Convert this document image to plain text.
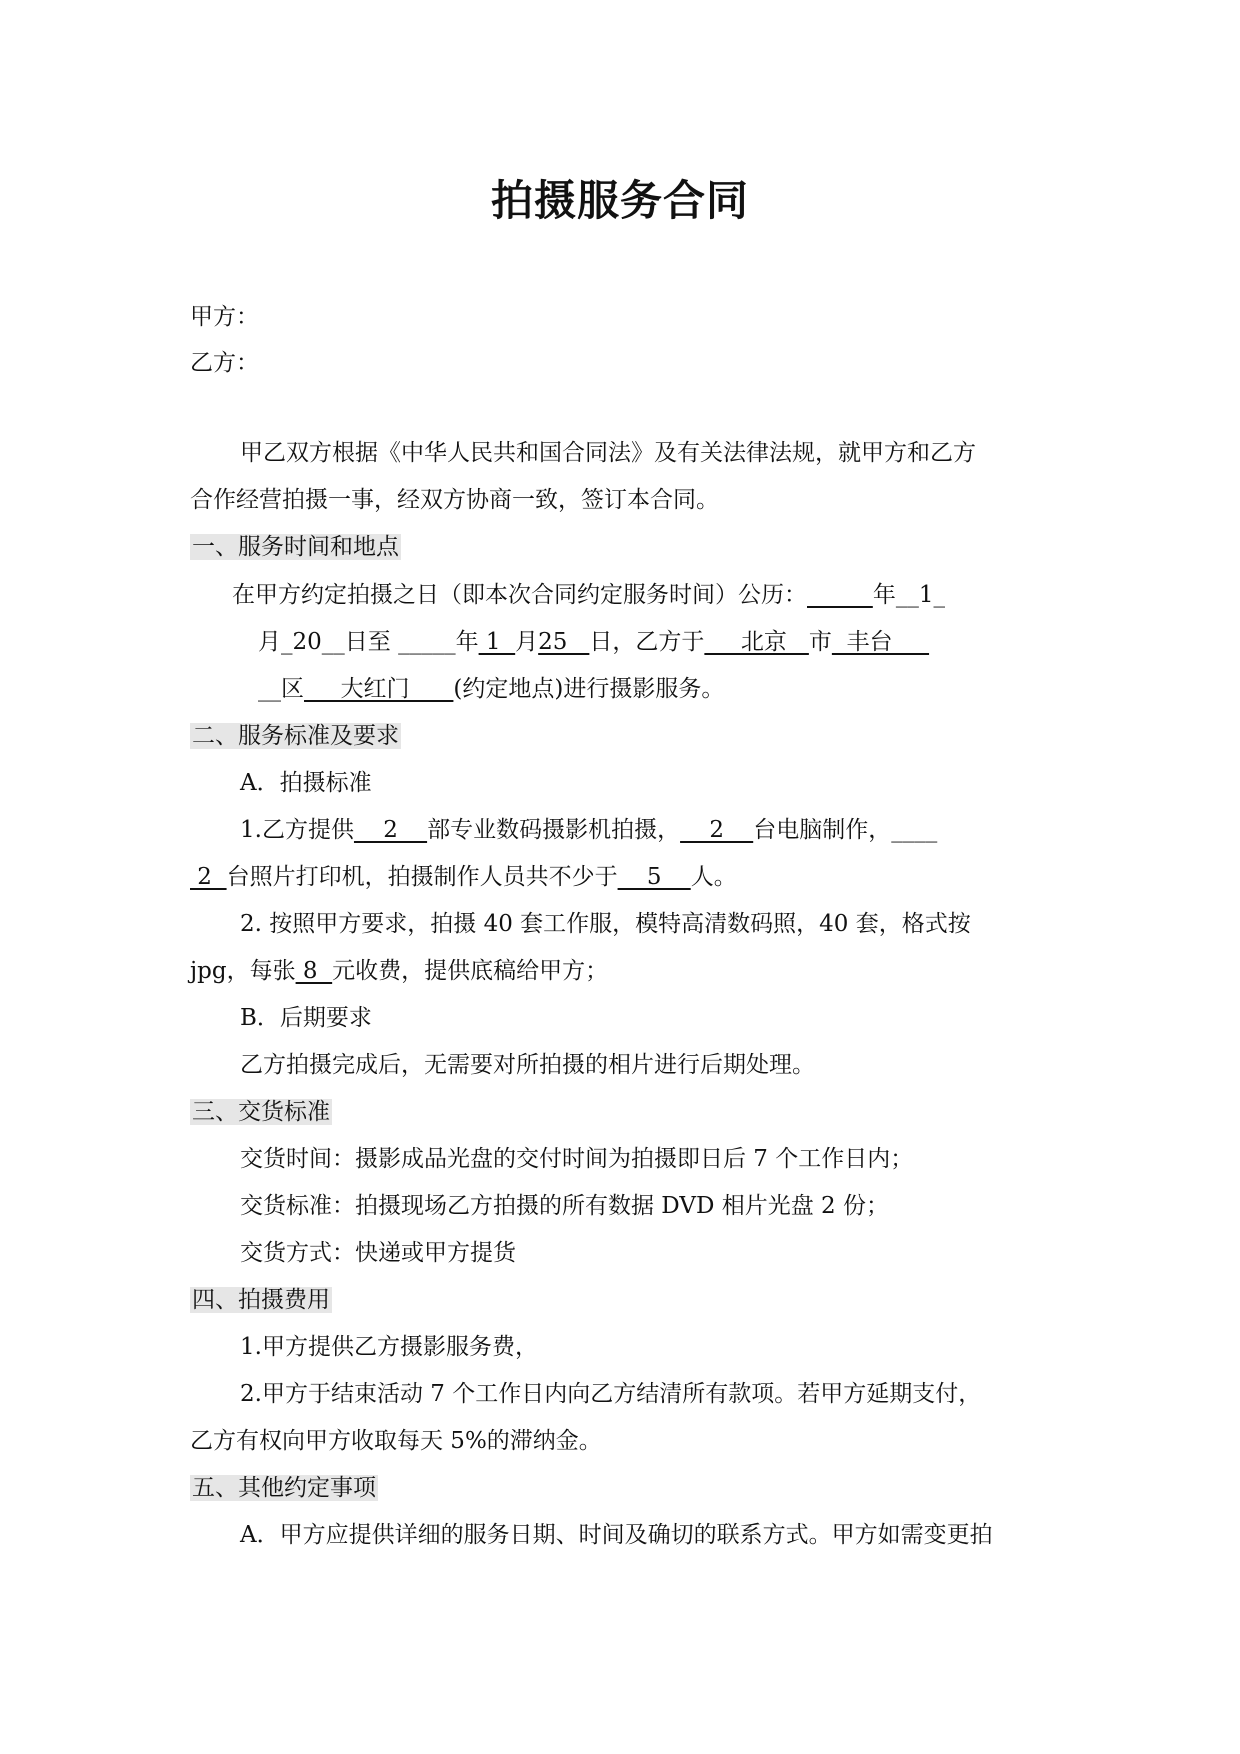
拍摄服务合同
甲方：
乙方：
甲乙双方根据《中华人民共和国合同法》及有关法律法规，就甲方和乙方
合作经营拍摄一事，经双方协商一致，签订本合同。
一、服务时间和地点
在甲方约定拍摄之日（即本次合同约定服务时间）公历：	年__1_
月_20__日至 _____年 1  月25   日，乙方于     北京   市  丰台
__区     大红门      (约定地点)进行摄影服务。
二、服务标准及要求
A．拍摄标准
1.乙方提供    2    部专业数码摄影机拍摄，    2    台电脑制作，____
2  台照片打印机，拍摄制作人员共不少于    5    人。
2. 按照甲方要求，拍摄 40 套工作服，模特高清数码照，40 套，格式按
jpg，每张 8  元收费，提供底稿给甲方；
B．后期要求
乙方拍摄完成后，无需要对所拍摄的相片进行后期处理。
三、交货标准
交货时间：摄影成品光盘的交付时间为拍摄即日后 7 个工作日内；
交货标准：拍摄现场乙方拍摄的所有数据 DVD 相片光盘 2 份；
交货方式：快递或甲方提货
四、拍摄费用
1.甲方提供乙方摄影服务费，
2.甲方于结束活动 7 个工作日内向乙方结清所有款项。若甲方延期支付，
乙方有权向甲方收取每天 5%的滞纳金。
五、其他约定事项
A．甲方应提供详细的服务日期、时间及确切的联系方式。甲方如需变更拍
